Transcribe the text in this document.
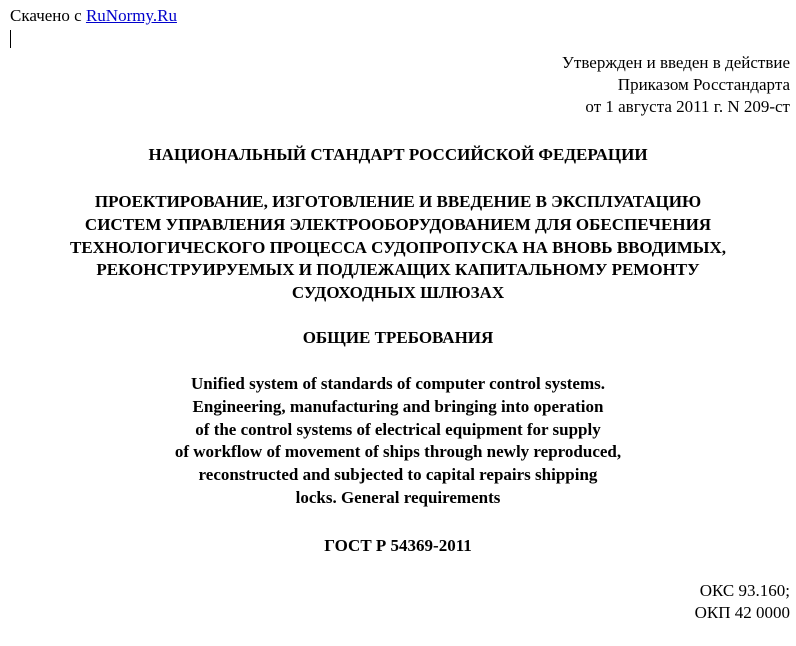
Скачено с RuNormy.Ru
Утвержден и введен в действие
Приказом Росстандарта
от 1 августа 2011 г. N 209-ст
НАЦИОНАЛЬНЫЙ СТАНДАРТ РОССИЙСКОЙ ФЕДЕРАЦИИ
ПРОЕКТИРОВАНИЕ, ИЗГОТОВЛЕНИЕ И ВВЕДЕНИЕ В ЭКСПЛУАТАЦИЮ
СИСТЕМ УПРАВЛЕНИЯ ЭЛЕКТРООБОРУДОВАНИЕМ ДЛЯ ОБЕСПЕЧЕНИЯ
ТЕХНОЛОГИЧЕСКОГО ПРОЦЕССА СУДОПРОПУСКА НА ВНОВЬ ВВОДИМЫХ,
РЕКОНСТРУИРУЕМЫХ И ПОДЛЕЖАЩИХ КАПИТАЛЬНОМУ РЕМОНТУ
СУДОХОДНЫХ ШЛЮЗАХ
ОБЩИЕ ТРЕБОВАНИЯ
Unified system of standards of computer control systems.
Engineering, manufacturing and bringing into operation
of the control systems of electrical equipment for supply
of workflow of movement of ships through newly reproduced,
reconstructed and subjected to capital repairs shipping
locks. General requirements
ГОСТ Р 54369-2011
ОКС 93.160;
ОКП 42 0000
